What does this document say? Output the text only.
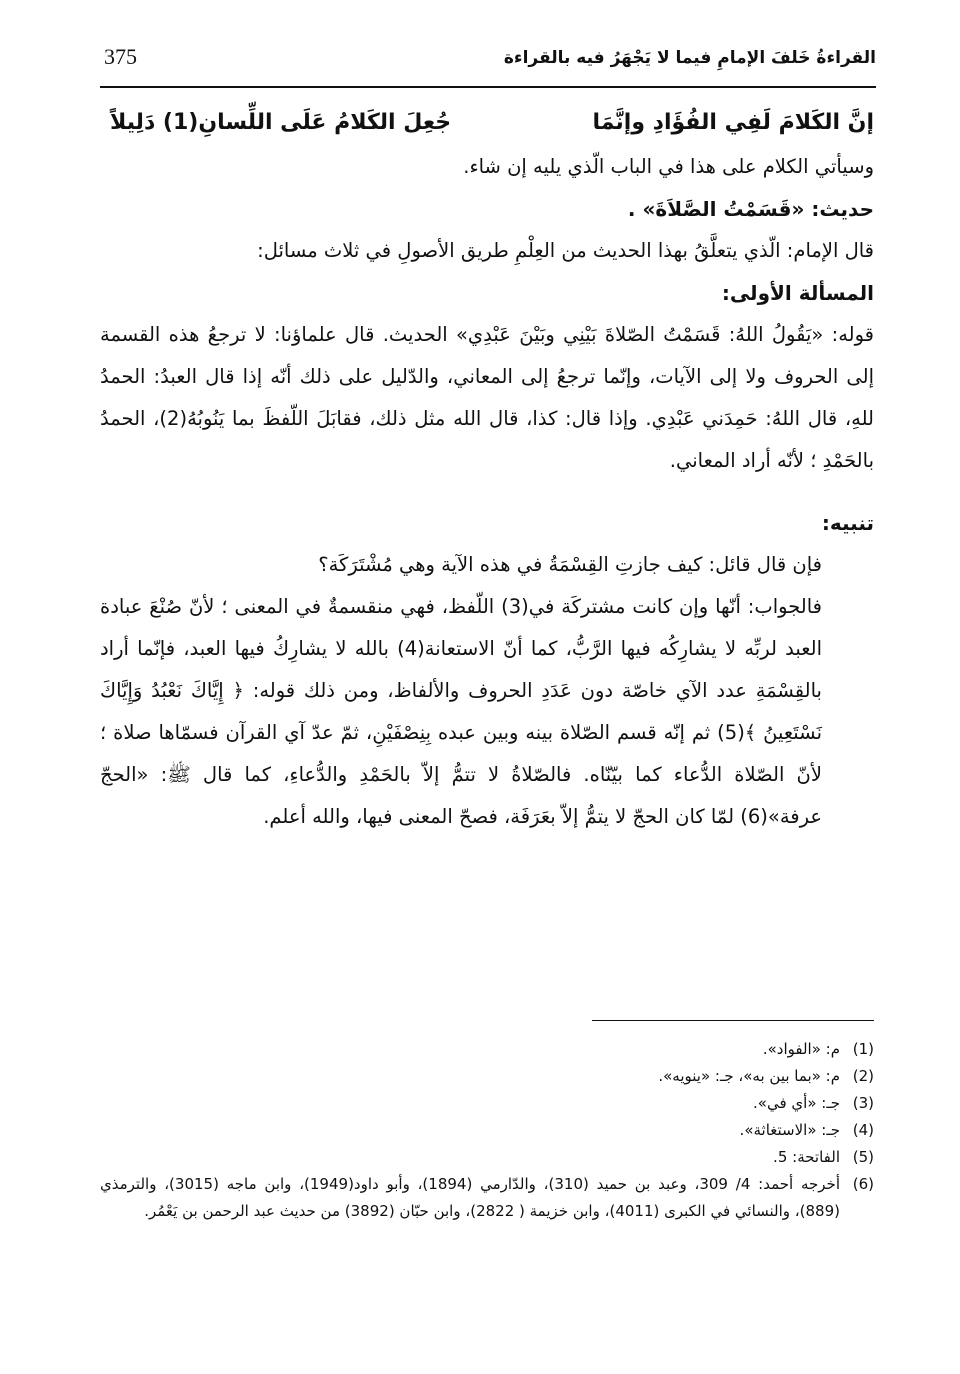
375	القراءةُ خَلفَ الإمامِ فيما لا يَجْهَرُ فيه بالقراءة
إنَّ الكَلامَ لَفِي الفُؤَادِ وإنَّمَا
جُعِلَ الكَلامُ عَلَى اللِّسانِ(1) دَلِيلاً

وسيأتي الكلام على هذا في الباب الّذي يليه إن شاء.

حديث: «قَسَمْتُ الصَّلاَةَ» .

قال الإمام: الّذي يتعلَّقُ بهذا الحديث من العِلْمِ طريق الأصولِ في ثلاث مسائل:

المسألة الأولى:

قوله: «يَقُولُ اللهُ: قَسَمْتُ الصّلاةَ بَيْنِي وبَيْنَ عَبْدِي» الحديث. قال علماؤنا: لا ترجعُ هذه القسمة إلى الحروف ولا إلى الآيات، وإنّما ترجعُ إلى المعاني، والدّليل على ذلك أنّه إذا قال العبدُ: الحمدُ للهِ، قال اللهُ: حَمِدَني عَبْدِي. وإذا قال: كذا، قال الله مثل ذلك، فقابَلَ اللّفظَ بما يَنُوبُهُ(2)، الحمدُ بالحَمْدِ ؛ لأنّه أراد المعاني.

تنبيه:

فإن قال قائل: كيف جازتِ القِسْمَةُ في هذه الآية وهي مُشْتَرَكَة؟

فالجواب: أنّها وإن كانت مشتركَة في(3) اللّفظ، فهي منقسمةٌ في المعنى ؛ لأنّ صُنْعَ عبادة العبد لربِّه لا يشارِكُه فيها الرَّبُّ، كما أنّ الاستعانة(4) بالله لا يشارِكُ فيها العبد، فإنّما أراد بالقِسْمَةِ عدد الآي خاصّة دون عَدَدِ الحروف والألفاظ، ومن ذلك قوله: ﴿ إِيَّاكَ نَعْبُدُ وَإِيَّاكَ نَسْتَعِينُ ﴾(5) ثم إنّه قسم الصّلاة بينه وبين عبده بِنِصْفَيْنِ، ثمّ عدّ آي القرآن فسمّاها صلاة ؛ لأنّ الصّلاة الدُّعاء كما بيّنّاه. فالصّلاةُ لا تتمُّ إلاّ بالحَمْدِ والدُّعاءِ، كما قال ﷺ: «الحجّ عرفة»(6) لمّا كان الحجّ لا يتمُّ إلاّ بعَرَفَة، فصحّ المعنى فيها، والله أعلم.

(1)
م: «الفواد».
(2)
م: «بما بين به»، جـ: «ينويه».
(3)
جـ: «أي في».
(4)
جـ: «الاستغاثة».
(5)
الفاتحة: 5.
(6)
أخرجه أحمد: 4/ 309، وعبد بن حميد (310)، والدّارمي (1894)، وأبو داود(1949)، وابن ماجه (3015)، والترمذي (889)، والنسائي في الكبرى (4011)، وابن خزيمة ( 2822)، وابن حبّان (3892) من حديث عبد الرحمن بن يَعْمُر.
